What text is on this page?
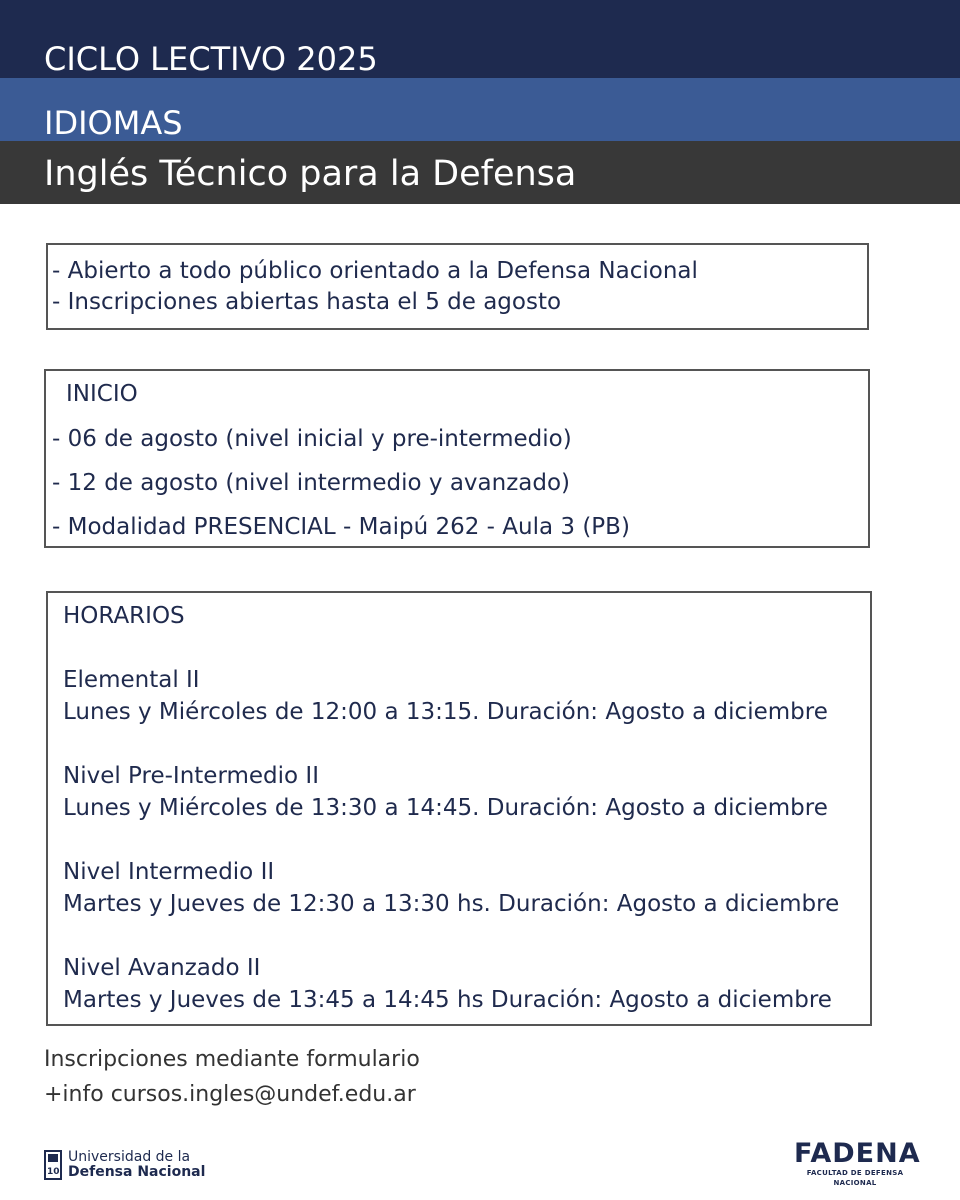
CICLO LECTIVO 2025
IDIOMAS
Inglés Técnico para la Defensa
- Abierto a todo público orientado a la Defensa Nacional
- Inscripciones abiertas hasta el 5 de agosto
INICIO
- 06 de agosto (nivel inicial y pre-intermedio)
- 12 de agosto (nivel intermedio y avanzado)
- Modalidad PRESENCIAL - Maipú 262 - Aula 3 (PB)
HORARIOS
Elemental II
Lunes y Miércoles de 12:00 a 13:15. Duración: Agosto a diciembre
Nivel Pre-Intermedio II
Lunes y Miércoles de 13:30 a 14:45. Duración: Agosto a diciembre
Nivel Intermedio II
Martes y Jueves de 12:30 a 13:30 hs. Duración: Agosto a diciembre
Nivel Avanzado II
Martes y Jueves de 13:45 a 14:45 hs Duración: Agosto a diciembre
Inscripciones mediante formulario
+info cursos.ingles@undef.edu.ar
10
Universidad de la
Defensa Nacional
FADENA
FACULTAD DE DEFENSA NACIONAL
